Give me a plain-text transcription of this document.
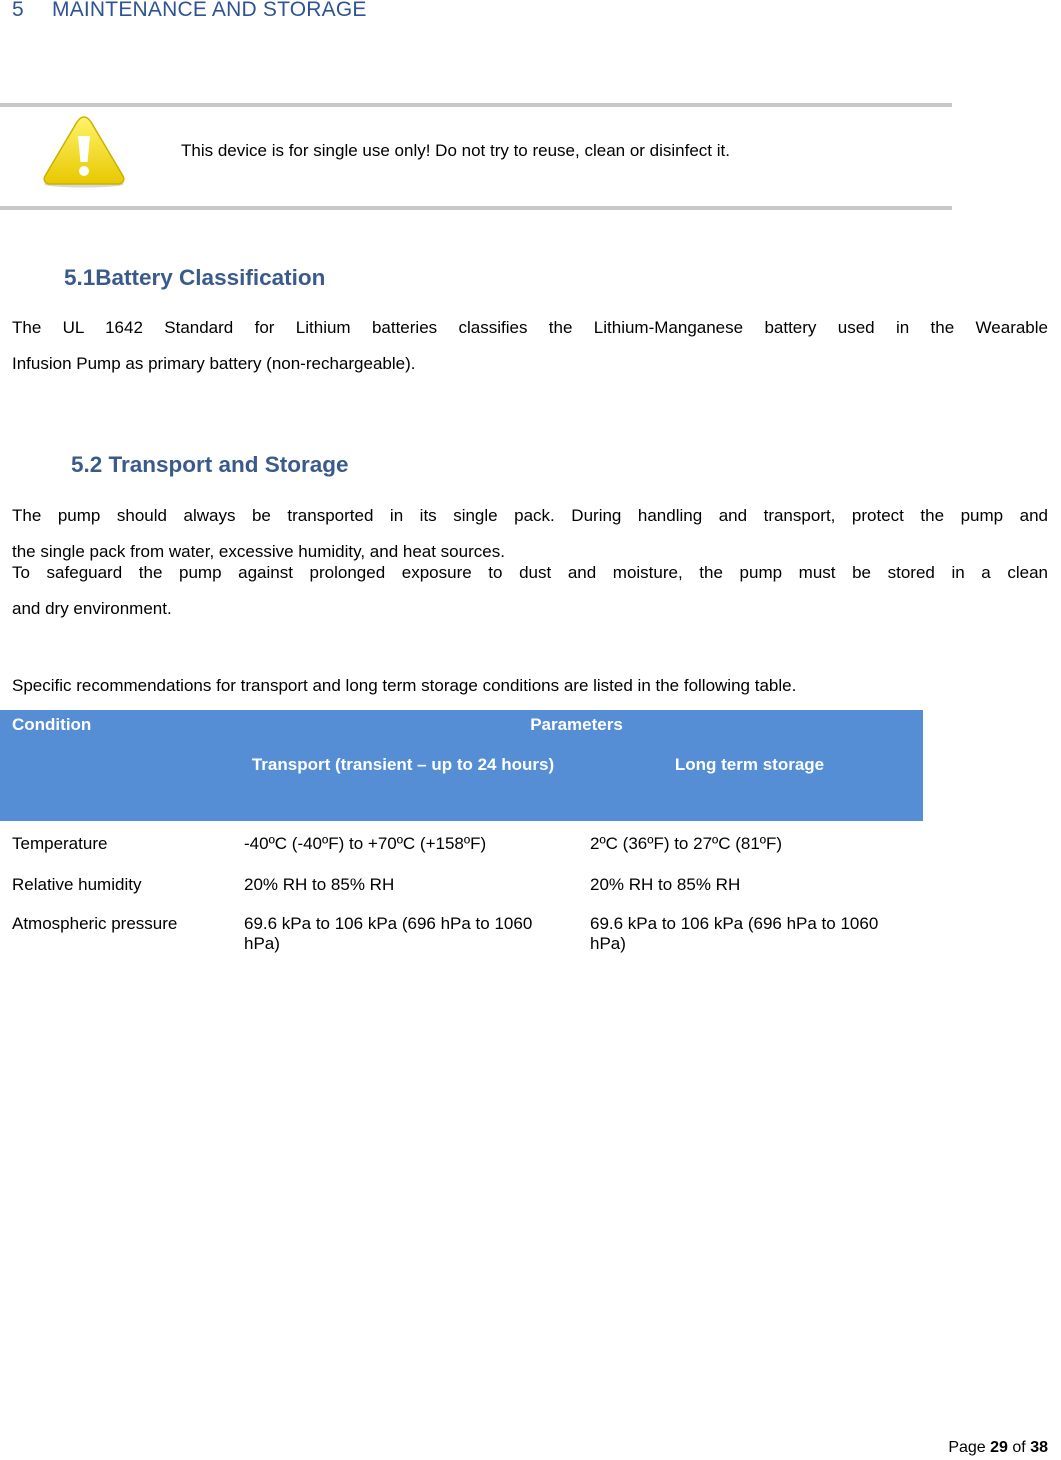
5 MAINTENANCE AND STORAGE
This device is for single use only! Do not try to reuse, clean or disinfect it.
5.1Battery Classification
The UL 1642 Standard for Lithium batteries classifies the Lithium-Manganese battery used in the Wearable
Infusion Pump as primary battery (non-rechargeable).
5.2 Transport and Storage
The pump should always be transported in its single pack. During handling and transport, protect the pump and
the single pack from water, excessive humidity, and heat sources.
To safeguard the pump against prolonged exposure to dust and moisture, the pump must be stored in a clean
and dry environment.
Specific recommendations for transport and long term storage conditions are listed in the following table.
Condition	Parameters	
	Transport (transient – up to 24 hours)	Long term storage
Temperature	-40ºC (-40ºF) to +70ºC (+158ºF)	2ºC (36ºF) to 27ºC (81ºF)
Relative humidity	20% RH to 85% RH	20% RH to 85% RH
Atmospheric pressure	69.6 kPa to 106 kPa (696 hPa to 1060 hPa)	69.6 kPa to 106 kPa (696 hPa to 1060 hPa)
Page 29 of 38
